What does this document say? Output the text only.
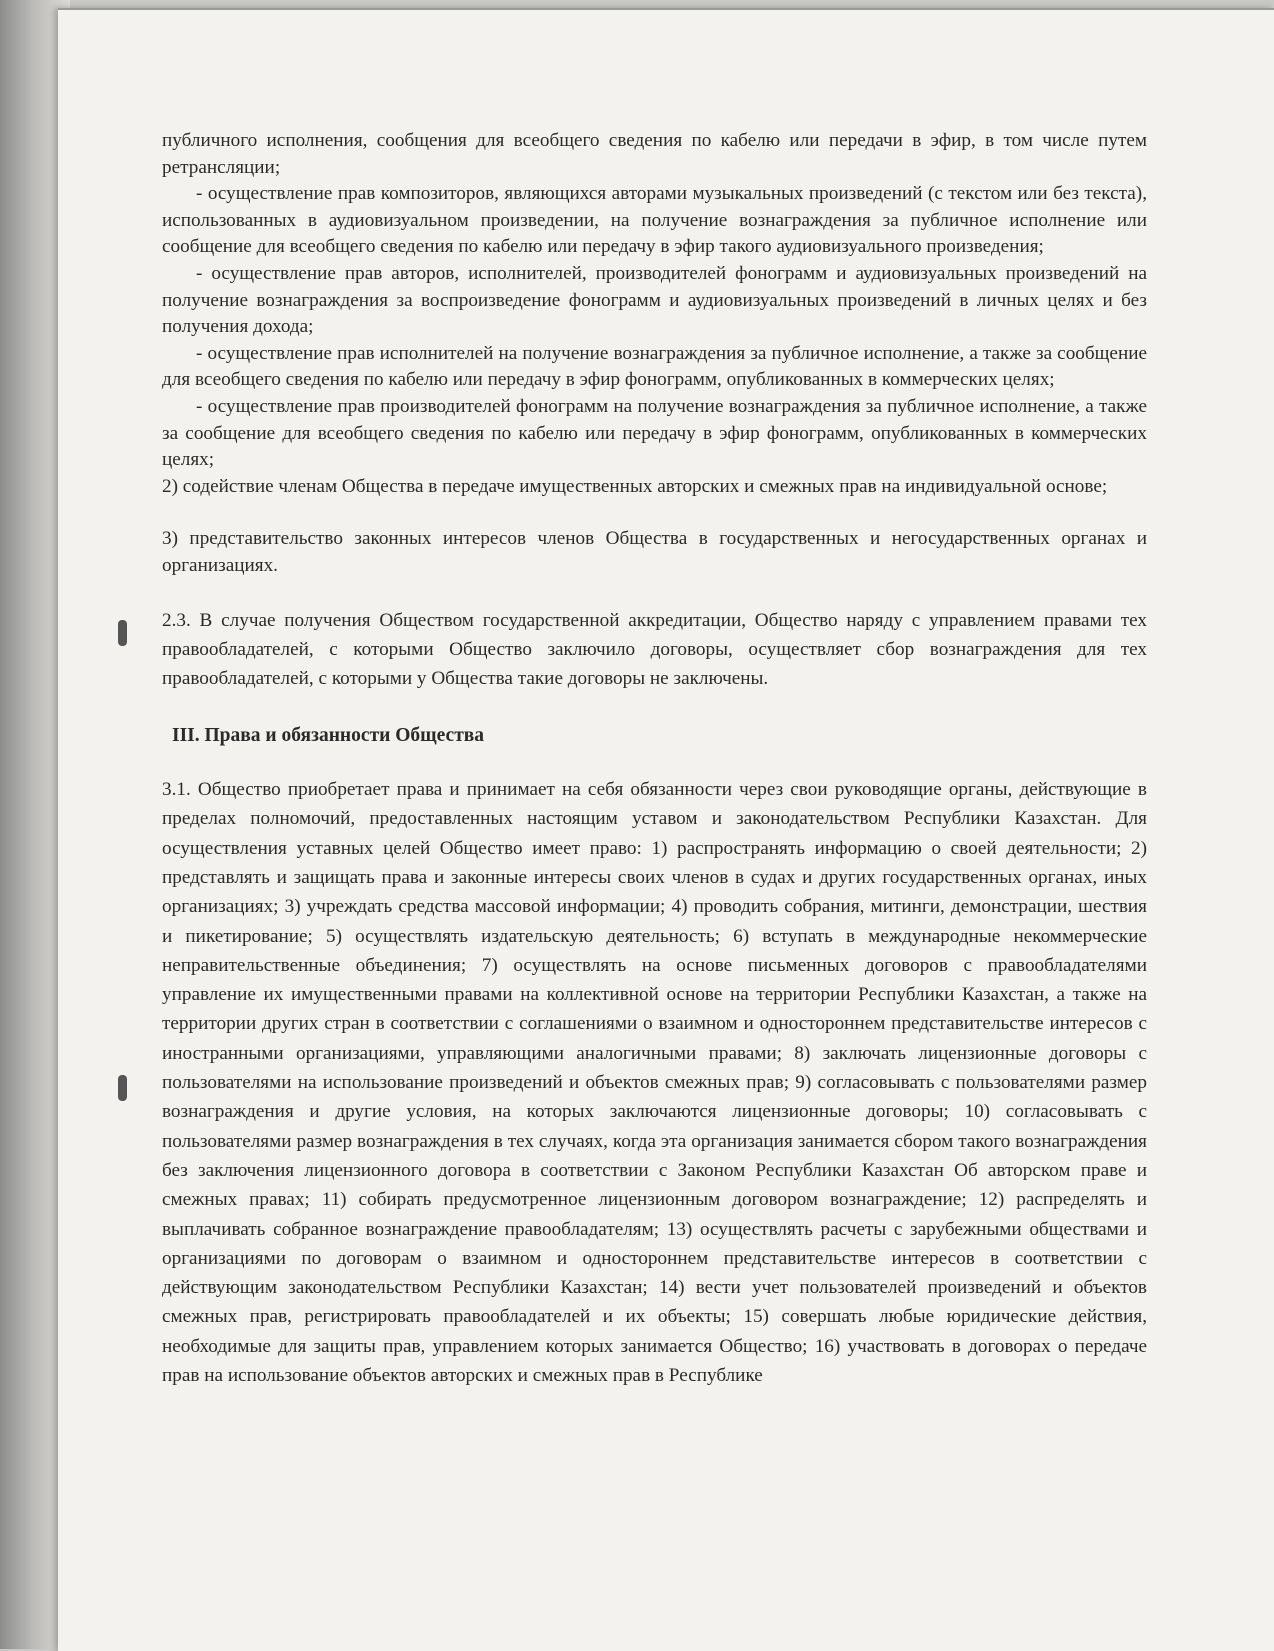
публичного исполнения, сообщения для всеобщего сведения по кабелю или передачи в эфир, в том числе путем ретрансляции;

- осуществление прав композиторов, являющихся авторами музыкальных произведений (с текстом или без текста), использованных в аудиовизуальном произведении, на получение вознаграждения за публичное исполнение или сообщение для всеобщего сведения по кабелю или передачу в эфир такого аудиовизуального произведения;

- осуществление прав авторов, исполнителей, производителей фонограмм и аудиовизуальных произведений на получение вознаграждения за воспроизведение фонограмм и аудиовизуальных произведений в личных целях и без получения дохода;

- осуществление прав исполнителей на получение вознаграждения за публичное исполнение, а также за сообщение для всеобщего сведения по кабелю или передачу в эфир фонограмм, опубликованных в коммерческих целях;

- осуществление прав производителей фонограмм на получение вознаграждения за публичное исполнение, а также за сообщение для всеобщего сведения по кабелю или передачу в эфир фонограмм, опубликованных в коммерческих целях;

2) содействие членам Общества в передаче имущественных авторских и смежных прав на индивидуальной основе;

3) представительство законных интересов членов Общества в государственных и негосударственных органах и организациях.

2.3. В случае получения Обществом государственной аккредитации, Общество наряду с управлением правами тех правообладателей, с которыми Общество заключило договоры, осуществляет сбор вознаграждения для тех правообладателей, с которыми у Общества такие договоры не заключены.

III. Права и обязанности Общества

3.1. Общество приобретает права и принимает на себя обязанности через свои руководящие органы, действующие в пределах полномочий, предоставленных настоящим уставом и законодательством Республики Казахстан. Для осуществления уставных целей Общество имеет право: 1) распространять информацию о своей деятельности; 2) представлять и защищать права и законные интересы своих членов в судах и других государственных органах, иных организациях; 3) учреждать средства массовой информации; 4) проводить собрания, митинги, демонстрации, шествия и пикетирование; 5) осуществлять издательскую деятельность; 6) вступать в международные некоммерческие неправительственные объединения; 7) осуществлять на основе письменных договоров с правообладателями управление их имущественными правами на коллективной основе на территории Республики Казахстан, а также на территории других стран в соответствии с соглашениями о взаимном и одностороннем представительстве интересов с иностранными организациями, управляющими аналогичными правами; 8) заключать лицензионные договоры с пользователями на использование произведений и объектов смежных прав; 9) согласовывать с пользователями размер вознаграждения и другие условия, на которых заключаются лицензионные договоры; 10) согласовывать с пользователями размер вознаграждения в тех случаях, когда эта организация занимается сбором такого вознаграждения без заключения лицензионного договора в соответствии с Законом Республики Казахстан Об авторском праве и смежных правах; 11) собирать предусмотренное лицензионным договором вознаграждение; 12) распределять и выплачивать собранное вознаграждение правообладателям; 13) осуществлять расчеты с зарубежными обществами и организациями по договорам о взаимном и одностороннем представительстве интересов в соответствии с действующим законодательством Республики Казахстан; 14) вести учет пользователей произведений и объектов смежных прав, регистрировать правообладателей и их объекты; 15) совершать любые юридические действия, необходимые для защиты прав, управлением которых занимается Общество; 16) участвовать в договорах о передаче прав на использование объектов авторских и смежных прав в Республике
